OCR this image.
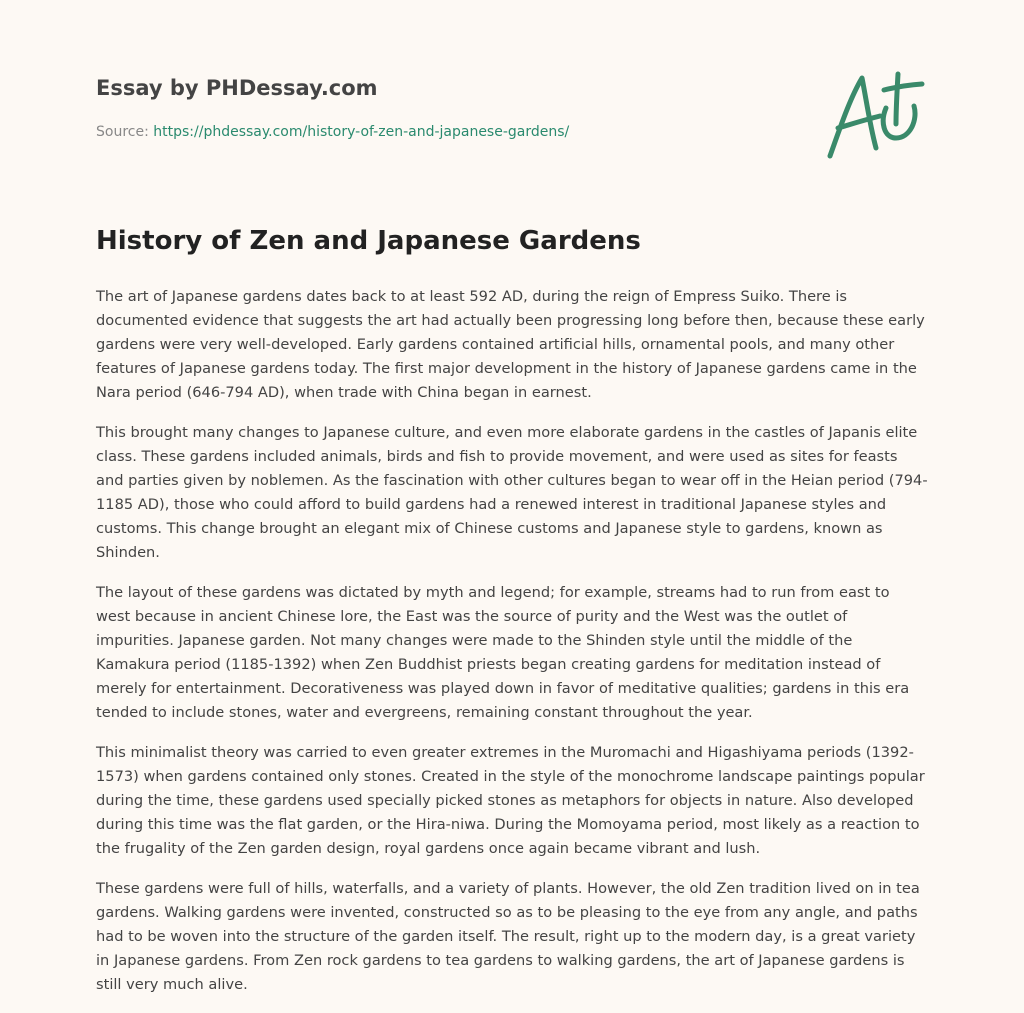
Essay by PHDessay.com
Source: https://phdessay.com/history-of-zen-and-japanese-gardens/
History of Zen and Japanese Gardens

The art of Japanese gardens dates back to at least 592 AD, during the reign of Empress Suiko. There is documented evidence that suggests the art had actually been progressing long before then, because these early gardens were very well-developed. Early gardens contained artificial hills, ornamental pools, and many other features of Japanese gardens today. The first major development in the history of Japanese gardens came in the Nara period (646-794 AD), when trade with China began in earnest.

This brought many changes to Japanese culture, and even more elaborate gardens in the castles of Japanis elite class. These gardens included animals, birds and fish to provide movement, and were used as sites for feasts and parties given by noblemen. As the fascination with other cultures began to wear off in the Heian period (794-1185 AD), those who could afford to build gardens had a renewed interest in traditional Japanese styles and customs. This change brought an elegant mix of Chinese customs and Japanese style to gardens, known as Shinden.

The layout of these gardens was dictated by myth and legend; for example, streams had to run from east to west because in ancient Chinese lore, the East was the source of purity and the West was the outlet of impurities. Japanese garden. Not many changes were made to the Shinden style until the middle of the Kamakura period (1185-1392) when Zen Buddhist priests began creating gardens for meditation instead of merely for entertainment. Decorativeness was played down in favor of meditative qualities; gardens in this era tended to include stones, water and evergreens, remaining constant throughout the year.

This minimalist theory was carried to even greater extremes in the Muromachi and Higashiyama periods (1392-1573) when gardens contained only stones. Created in the style of the monochrome landscape paintings popular during the time, these gardens used specially picked stones as metaphors for objects in nature. Also developed during this time was the flat garden, or the Hira-niwa. During the Momoyama period, most likely as a reaction to the frugality of the Zen garden design, royal gardens once again became vibrant and lush.

These gardens were full of hills, waterfalls, and a variety of plants. However, the old Zen tradition lived on in tea gardens. Walking gardens were invented, constructed so as to be pleasing to the eye from any angle, and paths had to be woven into the structure of the garden itself. The result, right up to the modern day, is a great variety in Japanese gardens. From Zen rock gardens to tea gardens to walking gardens, the art of Japanese gardens is still very much alive.
